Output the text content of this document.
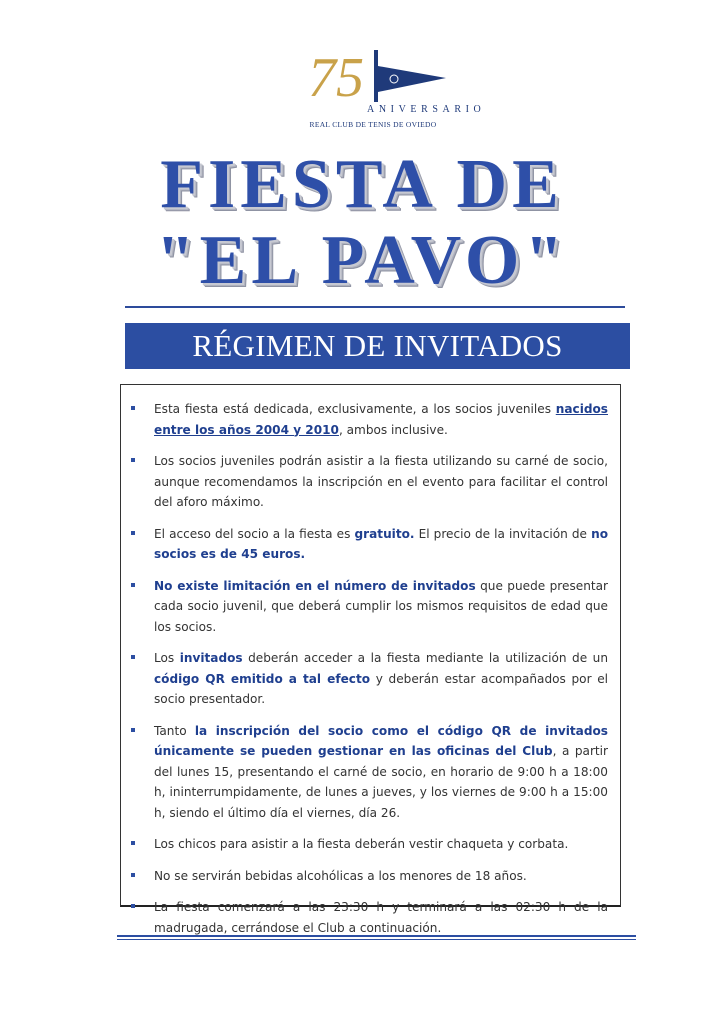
75
ANIVERSARIO
REAL CLUB DE TENIS DE OVIEDO
FIESTA DE
"EL PAVO"
RÉGIMEN DE INVITADOS
Esta fiesta está dedicada, exclusivamente, a los socios juveniles nacidos entre los años 2004 y 2010, ambos inclusive.
Los socios juveniles podrán asistir a la fiesta utilizando su carné de socio, aunque recomendamos la inscripción en el evento para facilitar el control del aforo máximo.
El acceso del socio a la fiesta es gratuito. El precio de la invitación de no socios es de 45 euros.
No existe limitación en el número de invitados que puede presentar cada socio juvenil, que deberá cumplir los mismos requisitos de edad que los socios.
Los invitados deberán acceder a la fiesta mediante la utilización de un código QR emitido a tal efecto y deberán estar acompañados por el socio presentador.
Tanto la inscripción del socio como el código QR de invitados únicamente se pueden gestionar en las oficinas del Club, a partir del lunes 15, presentando el carné de socio, en horario de 9:00 h a 18:00 h, ininterrumpidamente, de lunes a jueves, y los viernes de 9:00 h a 15:00 h, siendo el último día el viernes, día 26.
Los chicos para asistir a la fiesta deberán vestir chaqueta y corbata.
No se servirán bebidas alcohólicas a los menores de 18 años.
La fiesta comenzará a las 23:30 h y terminará a las 02:30 h de la madrugada, cerrándose el Club a continuación.
